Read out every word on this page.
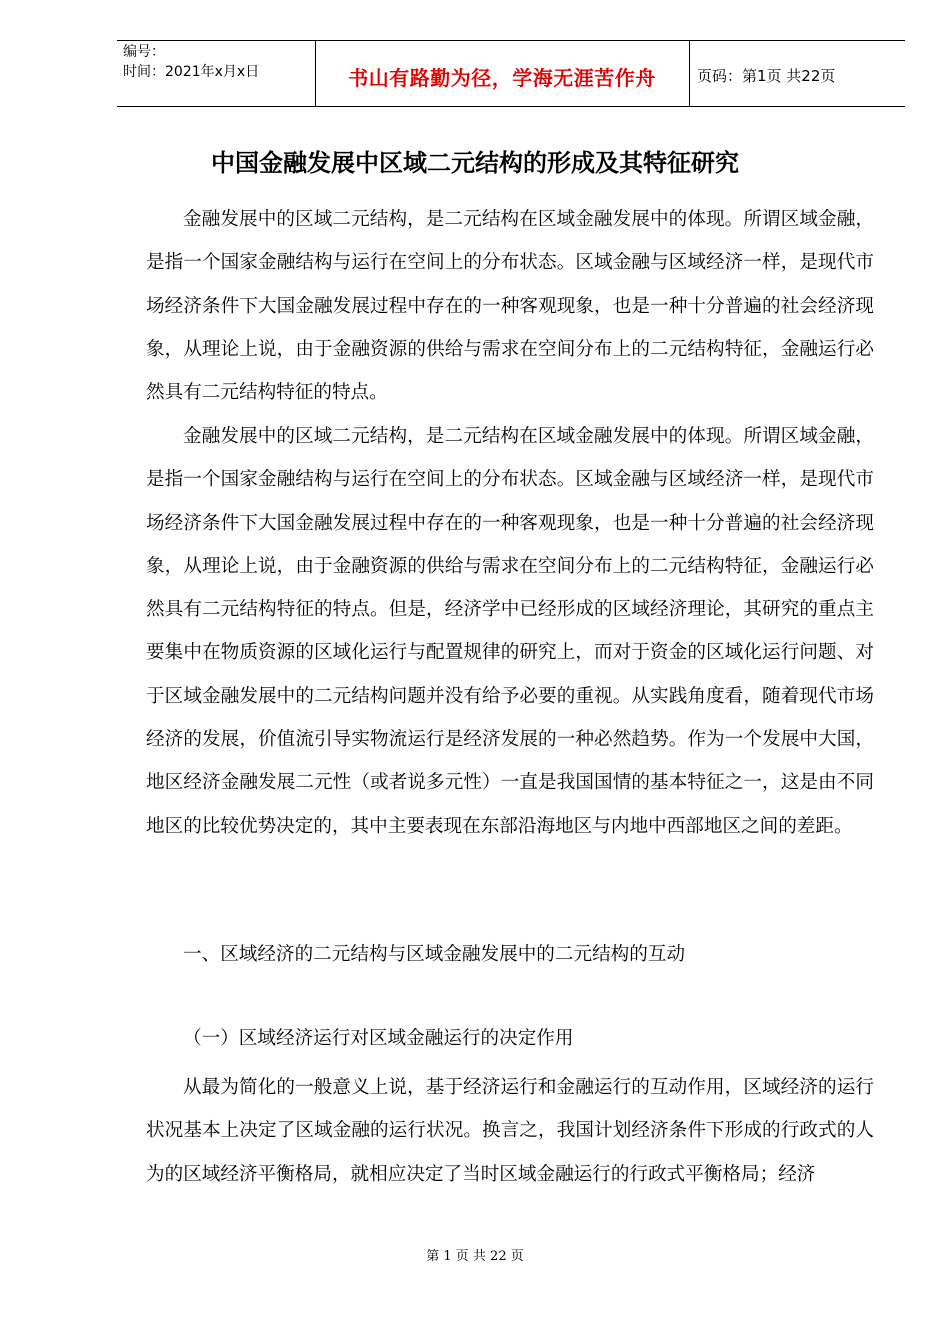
编号：
时间：2021年x月x日	书山有路勤为径，学海无涯苦作舟	页码：第1页 共22页
中国金融发展中区域二元结构的形成及其特征研究

金融发展中的区域二元结构，是二元结构在区域金融发展中的体现。所谓区域金融，是指一个国家金融结构与运行在空间上的分布状态。区域金融与区域经济一样，是现代市场经济条件下大国金融发展过程中存在的一种客观现象，也是一种十分普遍的社会经济现象，从理论上说，由于金融资源的供给与需求在空间分布上的二元结构特征，金融运行必然具有二元结构特征的特点。

金融发展中的区域二元结构，是二元结构在区域金融发展中的体现。所谓区域金融，是指一个国家金融结构与运行在空间上的分布状态。区域金融与区域经济一样，是现代市场经济条件下大国金融发展过程中存在的一种客观现象，也是一种十分普遍的社会经济现象，从理论上说，由于金融资源的供给与需求在空间分布上的二元结构特征，金融运行必然具有二元结构特征的特点。但是，经济学中已经形成的区域经济理论，其研究的重点主要集中在物质资源的区域化运行与配置规律的研究上，而对于资金的区域化运行问题、对于区域金融发展中的二元结构问题并没有给予必要的重视。从实践角度看，随着现代市场经济的发展，价值流引导实物流运行是经济发展的一种必然趋势。作为一个发展中大国，地区经济金融发展二元性（或者说多元性）一直是我国国情的基本特征之一，这是由不同地区的比较优势决定的，其中主要表现在东部沿海地区与内地中西部地区之间的差距。

一、区域经济的二元结构与区域金融发展中的二元结构的互动

（一）区域经济运行对区域金融运行的决定作用

从最为简化的一般意义上说，基于经济运行和金融运行的互动作用，区域经济的运行状况基本上决定了区域金融的运行状况。换言之，我国计划经济条件下形成的行政式的人为的区域经济平衡格局，就相应决定了当时区域金融运行的行政式平衡格局；经济

第 1 页 共 22 页
